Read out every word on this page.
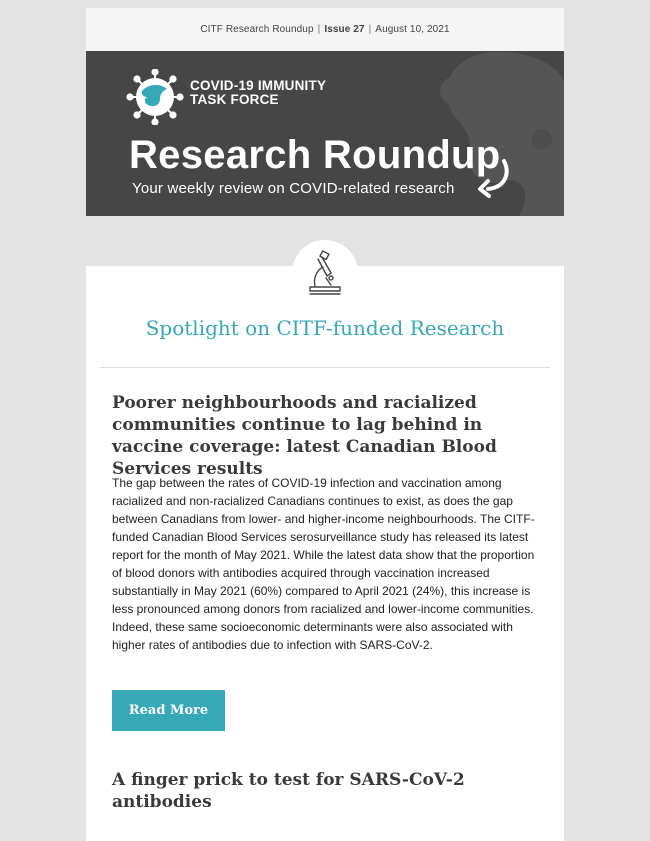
CITF Research Roundup | Issue 27 | August 10, 2021
COVID-19 IMMUNITY
TASK FORCE
Research Roundup
Your weekly review on COVID-related research
Spotlight on CITF-funded Research
Poorer neighbourhoods and racialized communities continue to lag behind in vaccine coverage: latest Canadian Blood Services results
The gap between the rates of COVID-19 infection and vaccination among racialized and non-racialized Canadians continues to exist, as does the gap between Canadians from lower- and higher-income neighbourhoods. The CITF-funded Canadian Blood Services serosurveillance study has released its latest report for the month of May 2021. While the latest data show that the proportion of blood donors with antibodies acquired through vaccination increased substantially in May 2021 (60%) compared to April 2021 (24%), this increase is less pronounced among donors from racialized and lower-income communities. Indeed, these same socioeconomic determinants were also associated with higher rates of antibodies due to infection with SARS-CoV-2.
Read More
A finger prick to test for SARS-CoV-2 antibodies
